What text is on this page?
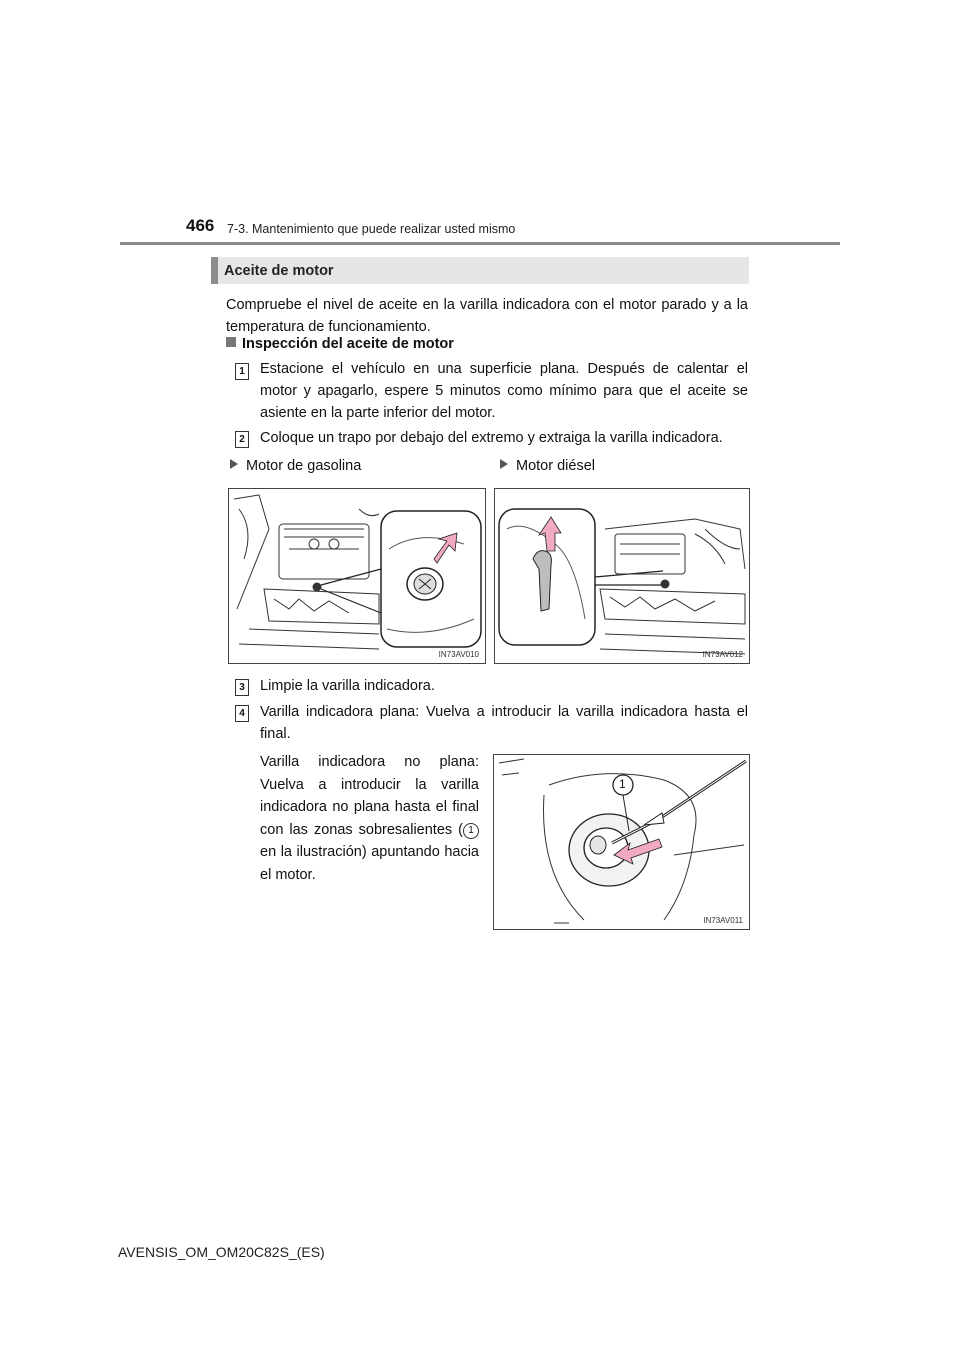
466 7-3. Mantenimiento que puede realizar usted mismo
Aceite de motor
Compruebe el nivel de aceite en la varilla indicadora con el motor parado y a la temperatura de funcionamiento.
Inspección del aceite de motor
1 Estacione el vehículo en una superficie plana. Después de calentar el motor y apagarlo, espere 5 minutos como mínimo para que el aceite se asiente en la parte inferior del motor.
2 Coloque un trapo por debajo del extremo y extraiga la varilla indicadora.
Motor de gasolina	Motor diésel
IN73AV010	IN73AV012
3 Limpie la varilla indicadora.
4 Varilla indicadora plana: Vuelva a introducir la varilla indicadora hasta el final.
Varilla indicadora no plana: Vuelva a introducir la varilla indicadora no plana hasta el final con las zonas sobresalientes ( 1 en la ilustración) apuntando hacia el motor.
1
IN73AV011
AVENSIS_OM_OM20C82S_(ES)
